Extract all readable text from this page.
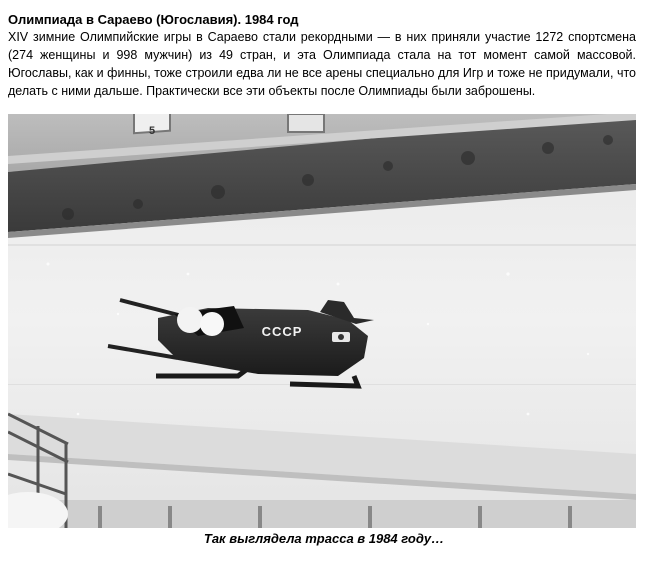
Олимпиада в Сараево (Югославия). 1984 год

XIV зимние Олимпийские игры в Сараево стали рекордными — в них приняли участие 1272 спортсмена (274 женщины и 998 мужчин) из 49 стран, и эта Олимпиада стала на тот момент самой массовой. Югославы, как и финны, тоже строили едва ли не все арены специально для Игр и тоже не придумали, что делать с ними дальше. Практически все эти объекты после Олимпиады были заброшены.

5
СССР
Так выглядела трасса в 1984 году…
